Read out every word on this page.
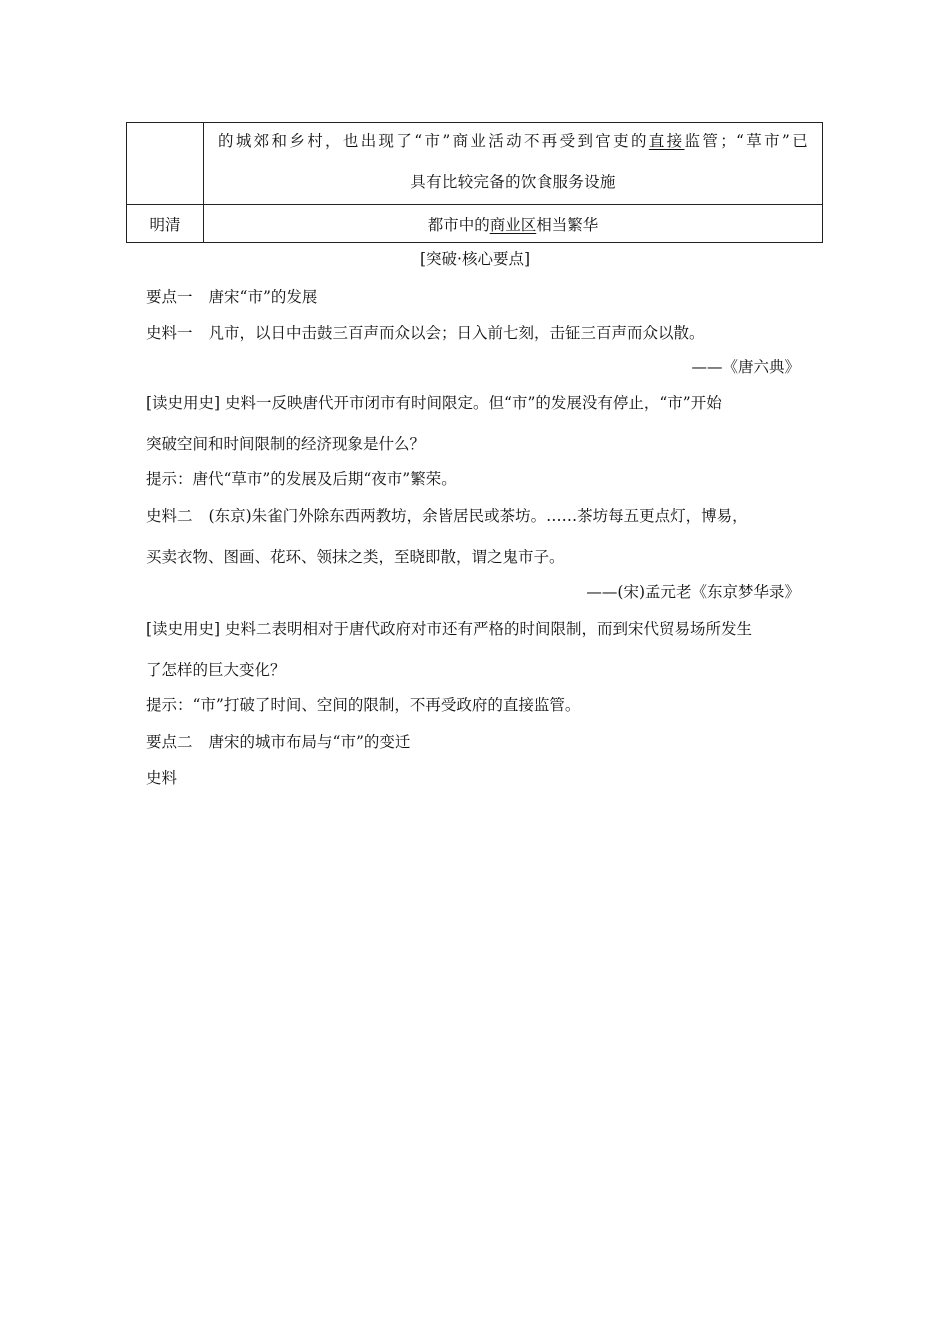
	的城郊和乡村，也出现了“市”商业活动不再受到官吏的直接监管；“草市”已
具有比较完备的饮食服务设施

明清	都市中的商业区相当繁华
[突破·核心要点]
要点一 唐宋“市”的发展
史料一 凡市，以日中击鼓三百声而众以会；日入前七刻，击钲三百声而众以散。
——《唐六典》
[读史用史] 史料一反映唐代开市闭市有时间限定。但“市”的发展没有停止，“市”开始
突破空间和时间限制的经济现象是什么？
提示：唐代“草市”的发展及后期“夜市”繁荣。
史料二 (东京)朱雀门外除东西两教坊，余皆居民或茶坊。……茶坊每五更点灯，博易，
买卖衣物、图画、花环、领抹之类，至晓即散，谓之鬼市子。
——(宋)孟元老《东京梦华录》
[读史用史] 史料二表明相对于唐代政府对市还有严格的时间限制，而到宋代贸易场所发生
了怎样的巨大变化？
提示：“市”打破了时间、空间的限制，不再受政府的直接监管。
要点二 唐宋的城市布局与“市”的变迁
史料
